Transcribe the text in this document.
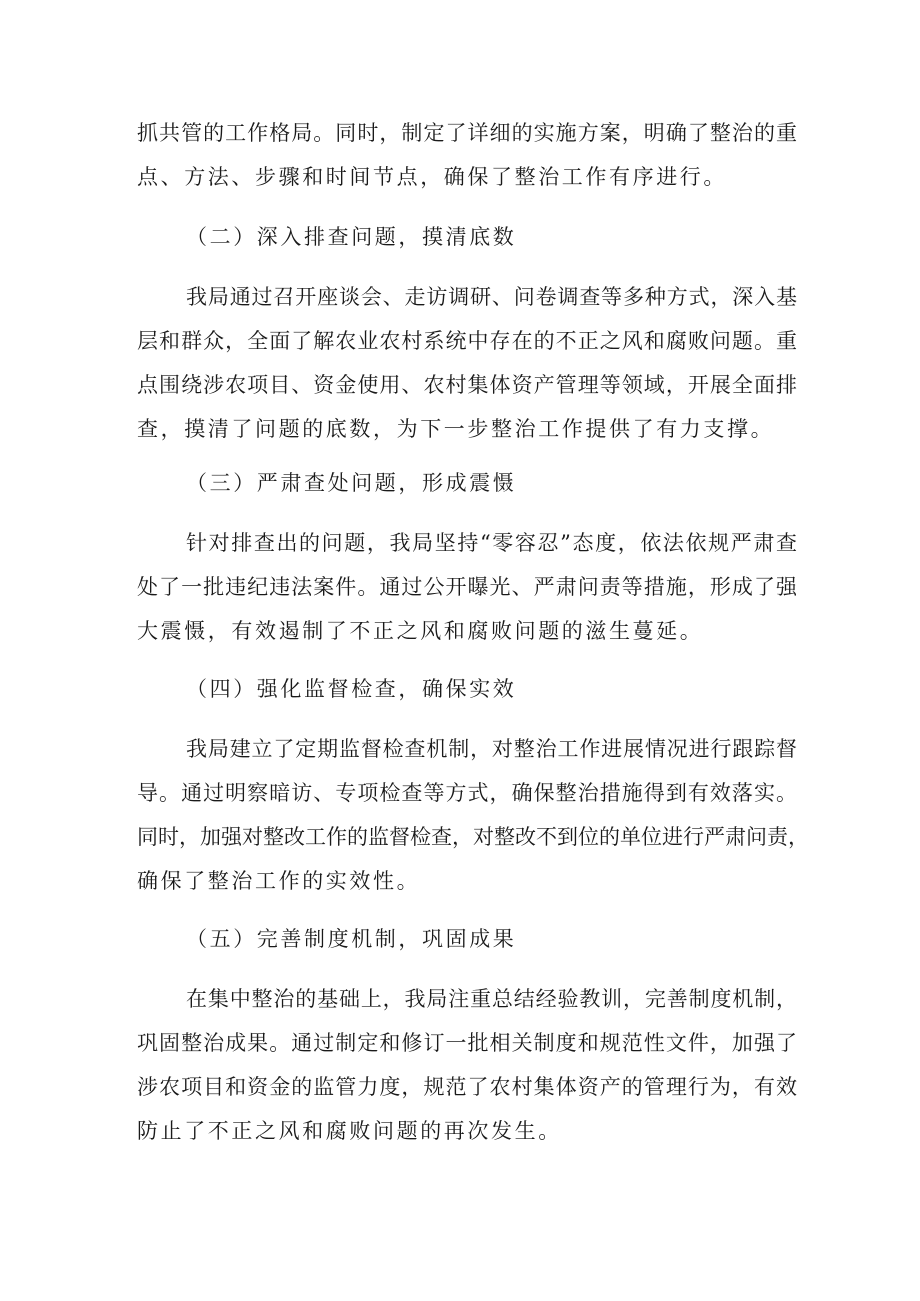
抓共管的工作格局。同时，制定了详细的实施方案，明确了整治的重
点、方法、步骤和时间节点，确保了整治工作有序进行。
（二）深入排查问题，摸清底数
我局通过召开座谈会、走访调研、问卷调查等多种方式，深入基
层和群众，全面了解农业农村系统中存在的不正之风和腐败问题。重
点围绕涉农项目、资金使用、农村集体资产管理等领域，开展全面排
查，摸清了问题的底数，为下一步整治工作提供了有力支撑。
（三）严肃查处问题，形成震慑
针对排查出的问题，我局坚持“零容忍”态度，依法依规严肃查
处了一批违纪违法案件。通过公开曝光、严肃问责等措施，形成了强
大震慑，有效遏制了不正之风和腐败问题的滋生蔓延。
（四）强化监督检查，确保实效
我局建立了定期监督检查机制，对整治工作进展情况进行跟踪督
导。通过明察暗访、专项检查等方式，确保整治措施得到有效落实。
同时，加强对整改工作的监督检查，对整改不到位的单位进行严肃问责，
确保了整治工作的实效性。
（五）完善制度机制，巩固成果
在集中整治的基础上，我局注重总结经验教训，完善制度机制，
巩固整治成果。通过制定和修订一批相关制度和规范性文件，加强了
涉农项目和资金的监管力度，规范了农村集体资产的管理行为，有效
防止了不正之风和腐败问题的再次发生。
